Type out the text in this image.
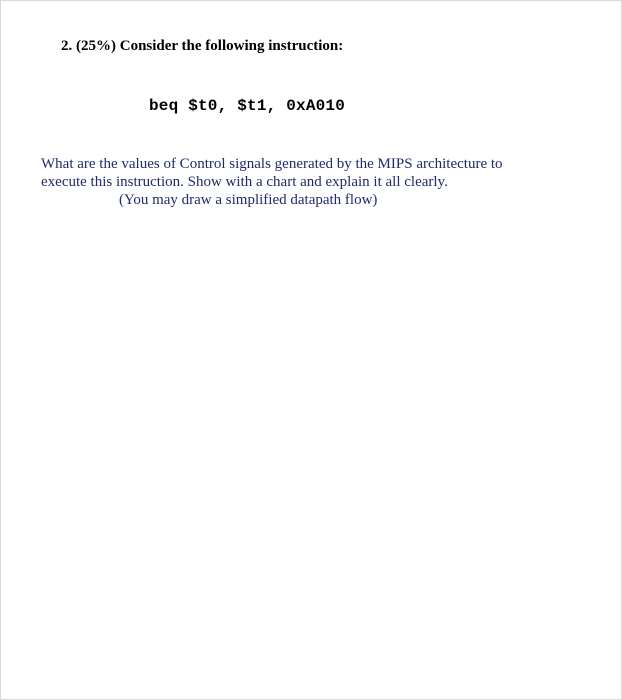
2. (25%) Consider the following instruction:
beq $t0, $t1, 0xA010
What are the values of Control signals generated by the MIPS architecture to
execute this instruction. Show with a chart and explain it all clearly.
(You may draw a simplified datapath flow)
